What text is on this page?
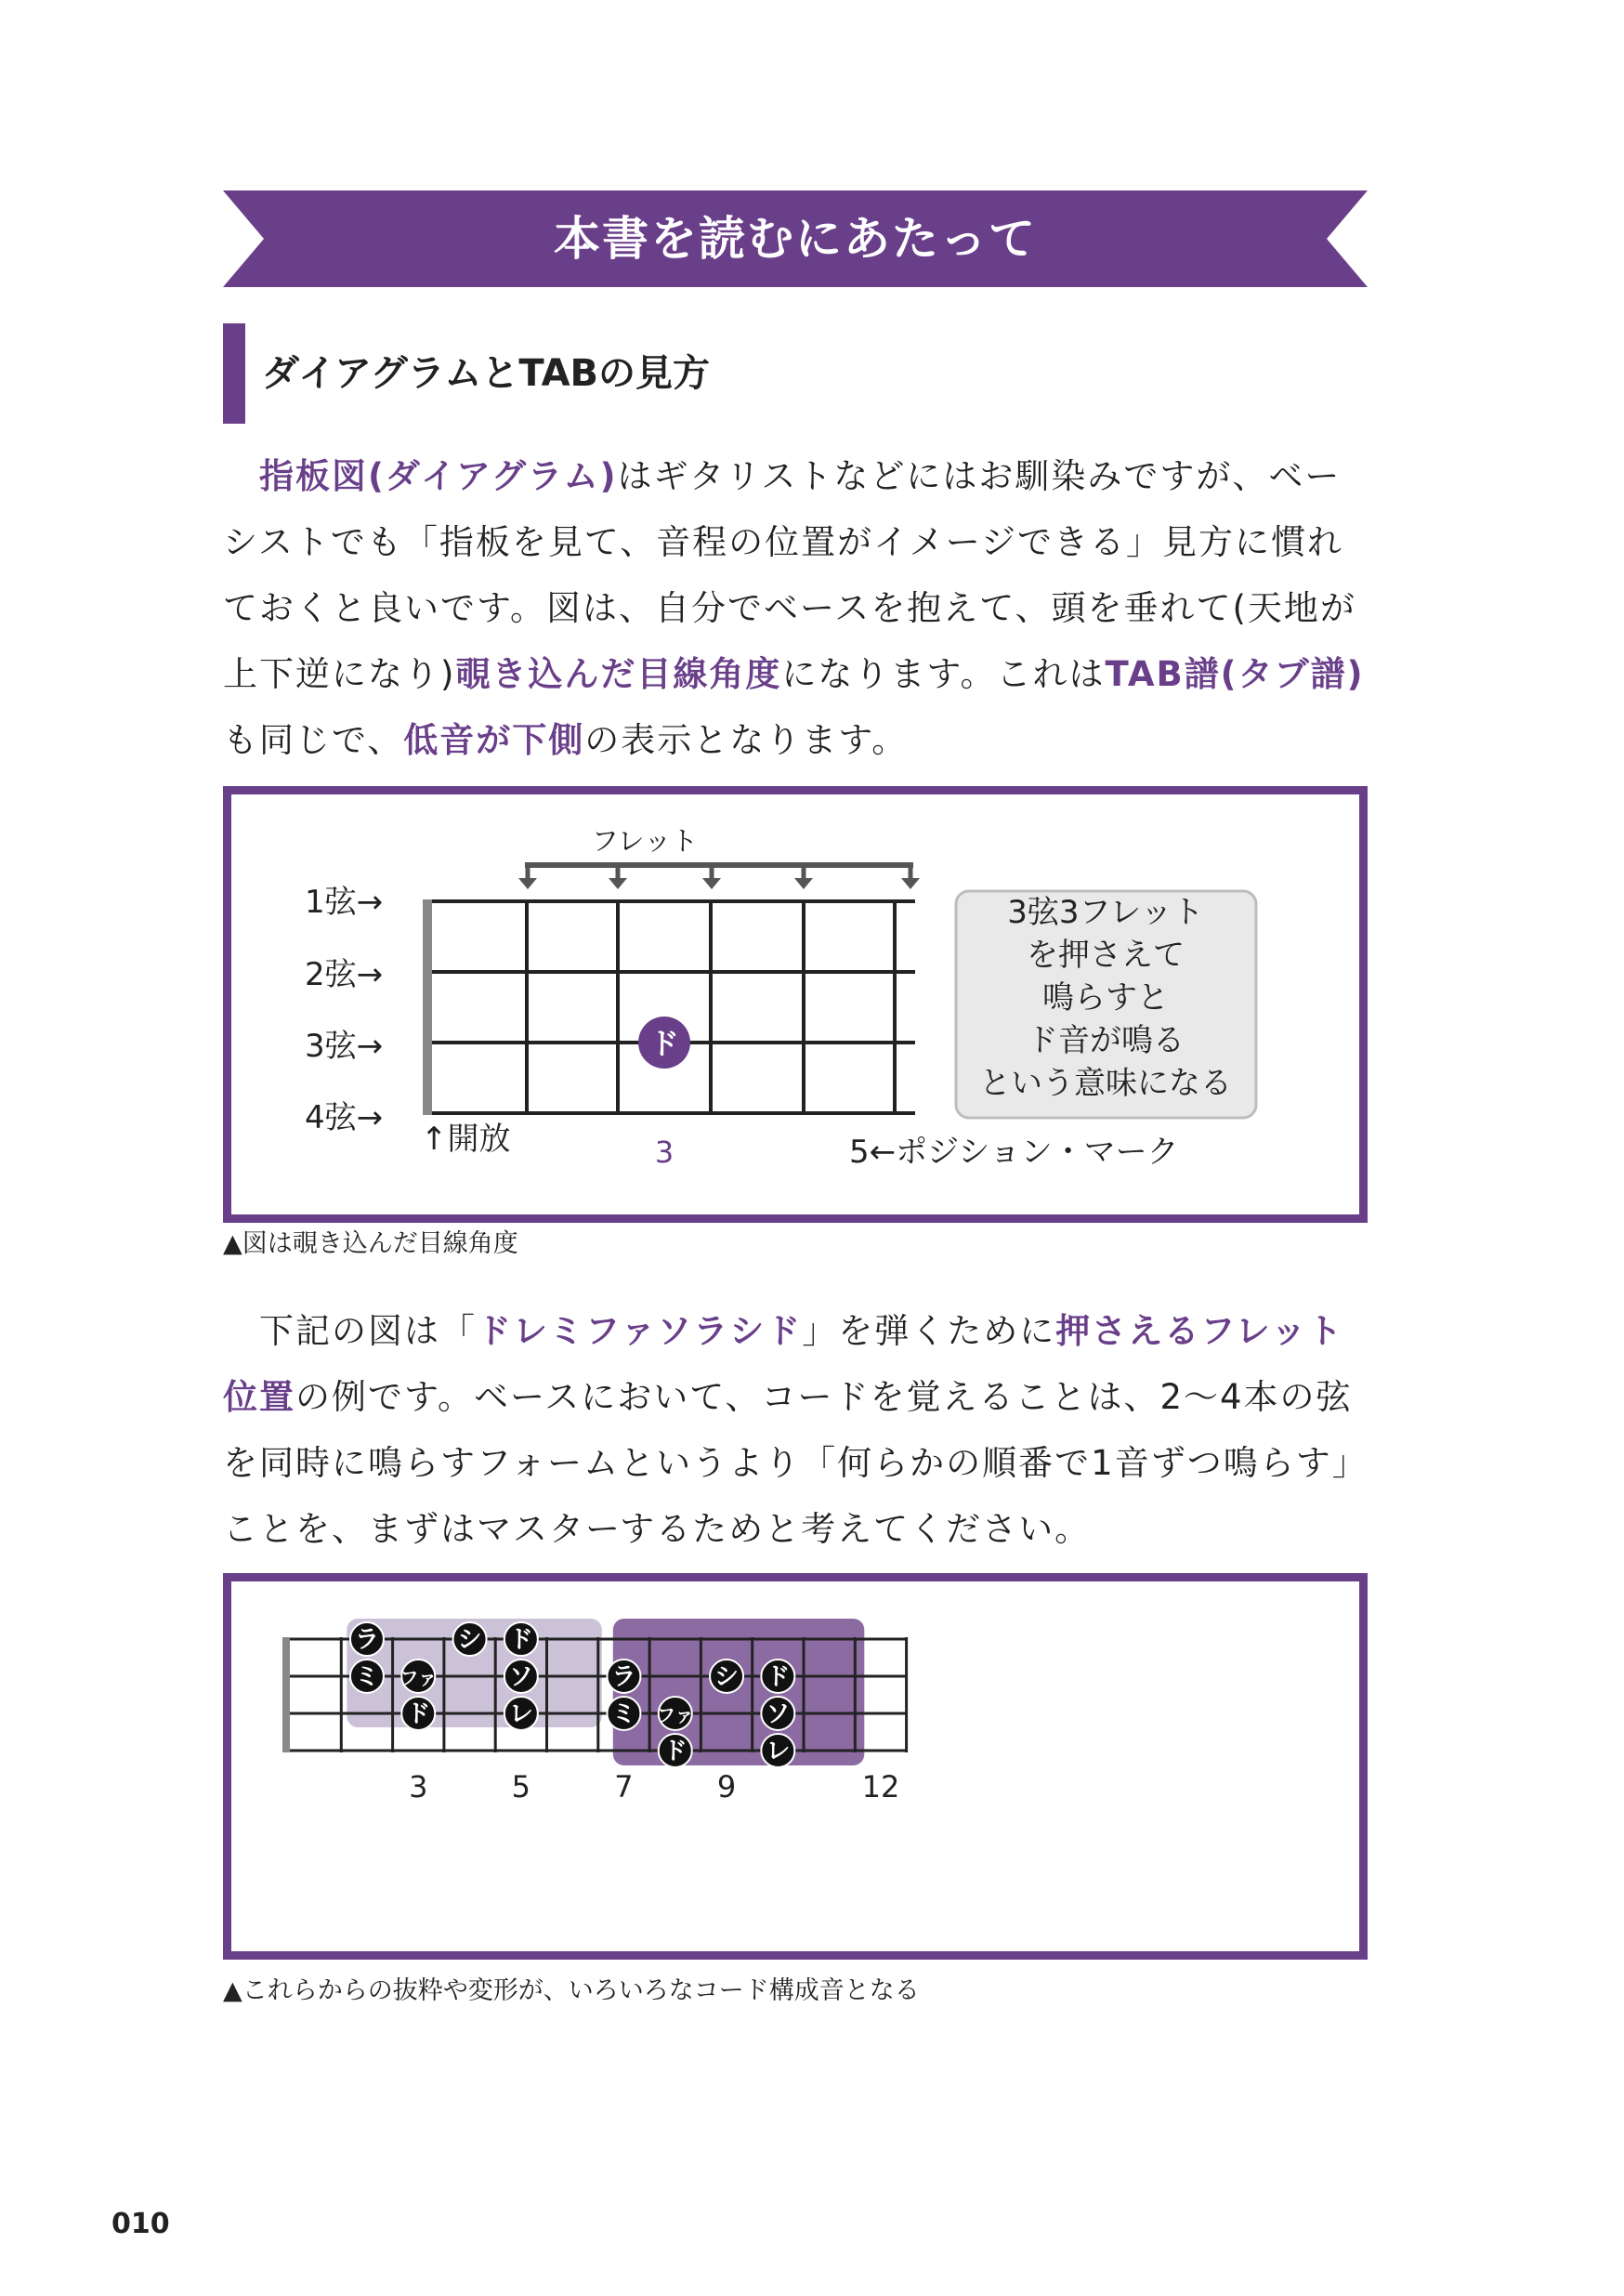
本書を読むにあたって
ダイアグラムとTABの見方

　指板図(ダイアグラム)はギタリストなどにはお馴染みですが、ベーシストでも「指板を見て、音程の位置がイメージできる」見方に慣れておくと良いです。図は、自分でベースを抱えて、頭を垂れて(天地が上下逆になり)覗き込んだ目線角度になります。これはTAB譜(タブ譜)も同じで、低音が下側の表示となります。

フレット
1弦→
2弦→
3弦→
4弦→
ド
↑開放	3	5←ポジション・マーク
3弦3フレット
を押さえて
鳴らすと
ド音が鳴る
という意味になる
▲図は覗き込んだ目線角度

　下記の図は「ドレミファソラシド」を弾くために押さえるフレット位置の例です。ベースにおいて、コードを覚えることは、2〜4本の弦を同時に鳴らすフォームというより「何らかの順番で1音ずつ鳴らす」ことを、まずはマスターするためと考えてください。

ラ	シ ド
ミ ファ	ソ	ラ	シ ド
ド	レ	ミ ファ	ソ
ド	レ
3	5	7	9	12
▲これらからの抜粋や変形が、いろいろなコード構成音となる
010
